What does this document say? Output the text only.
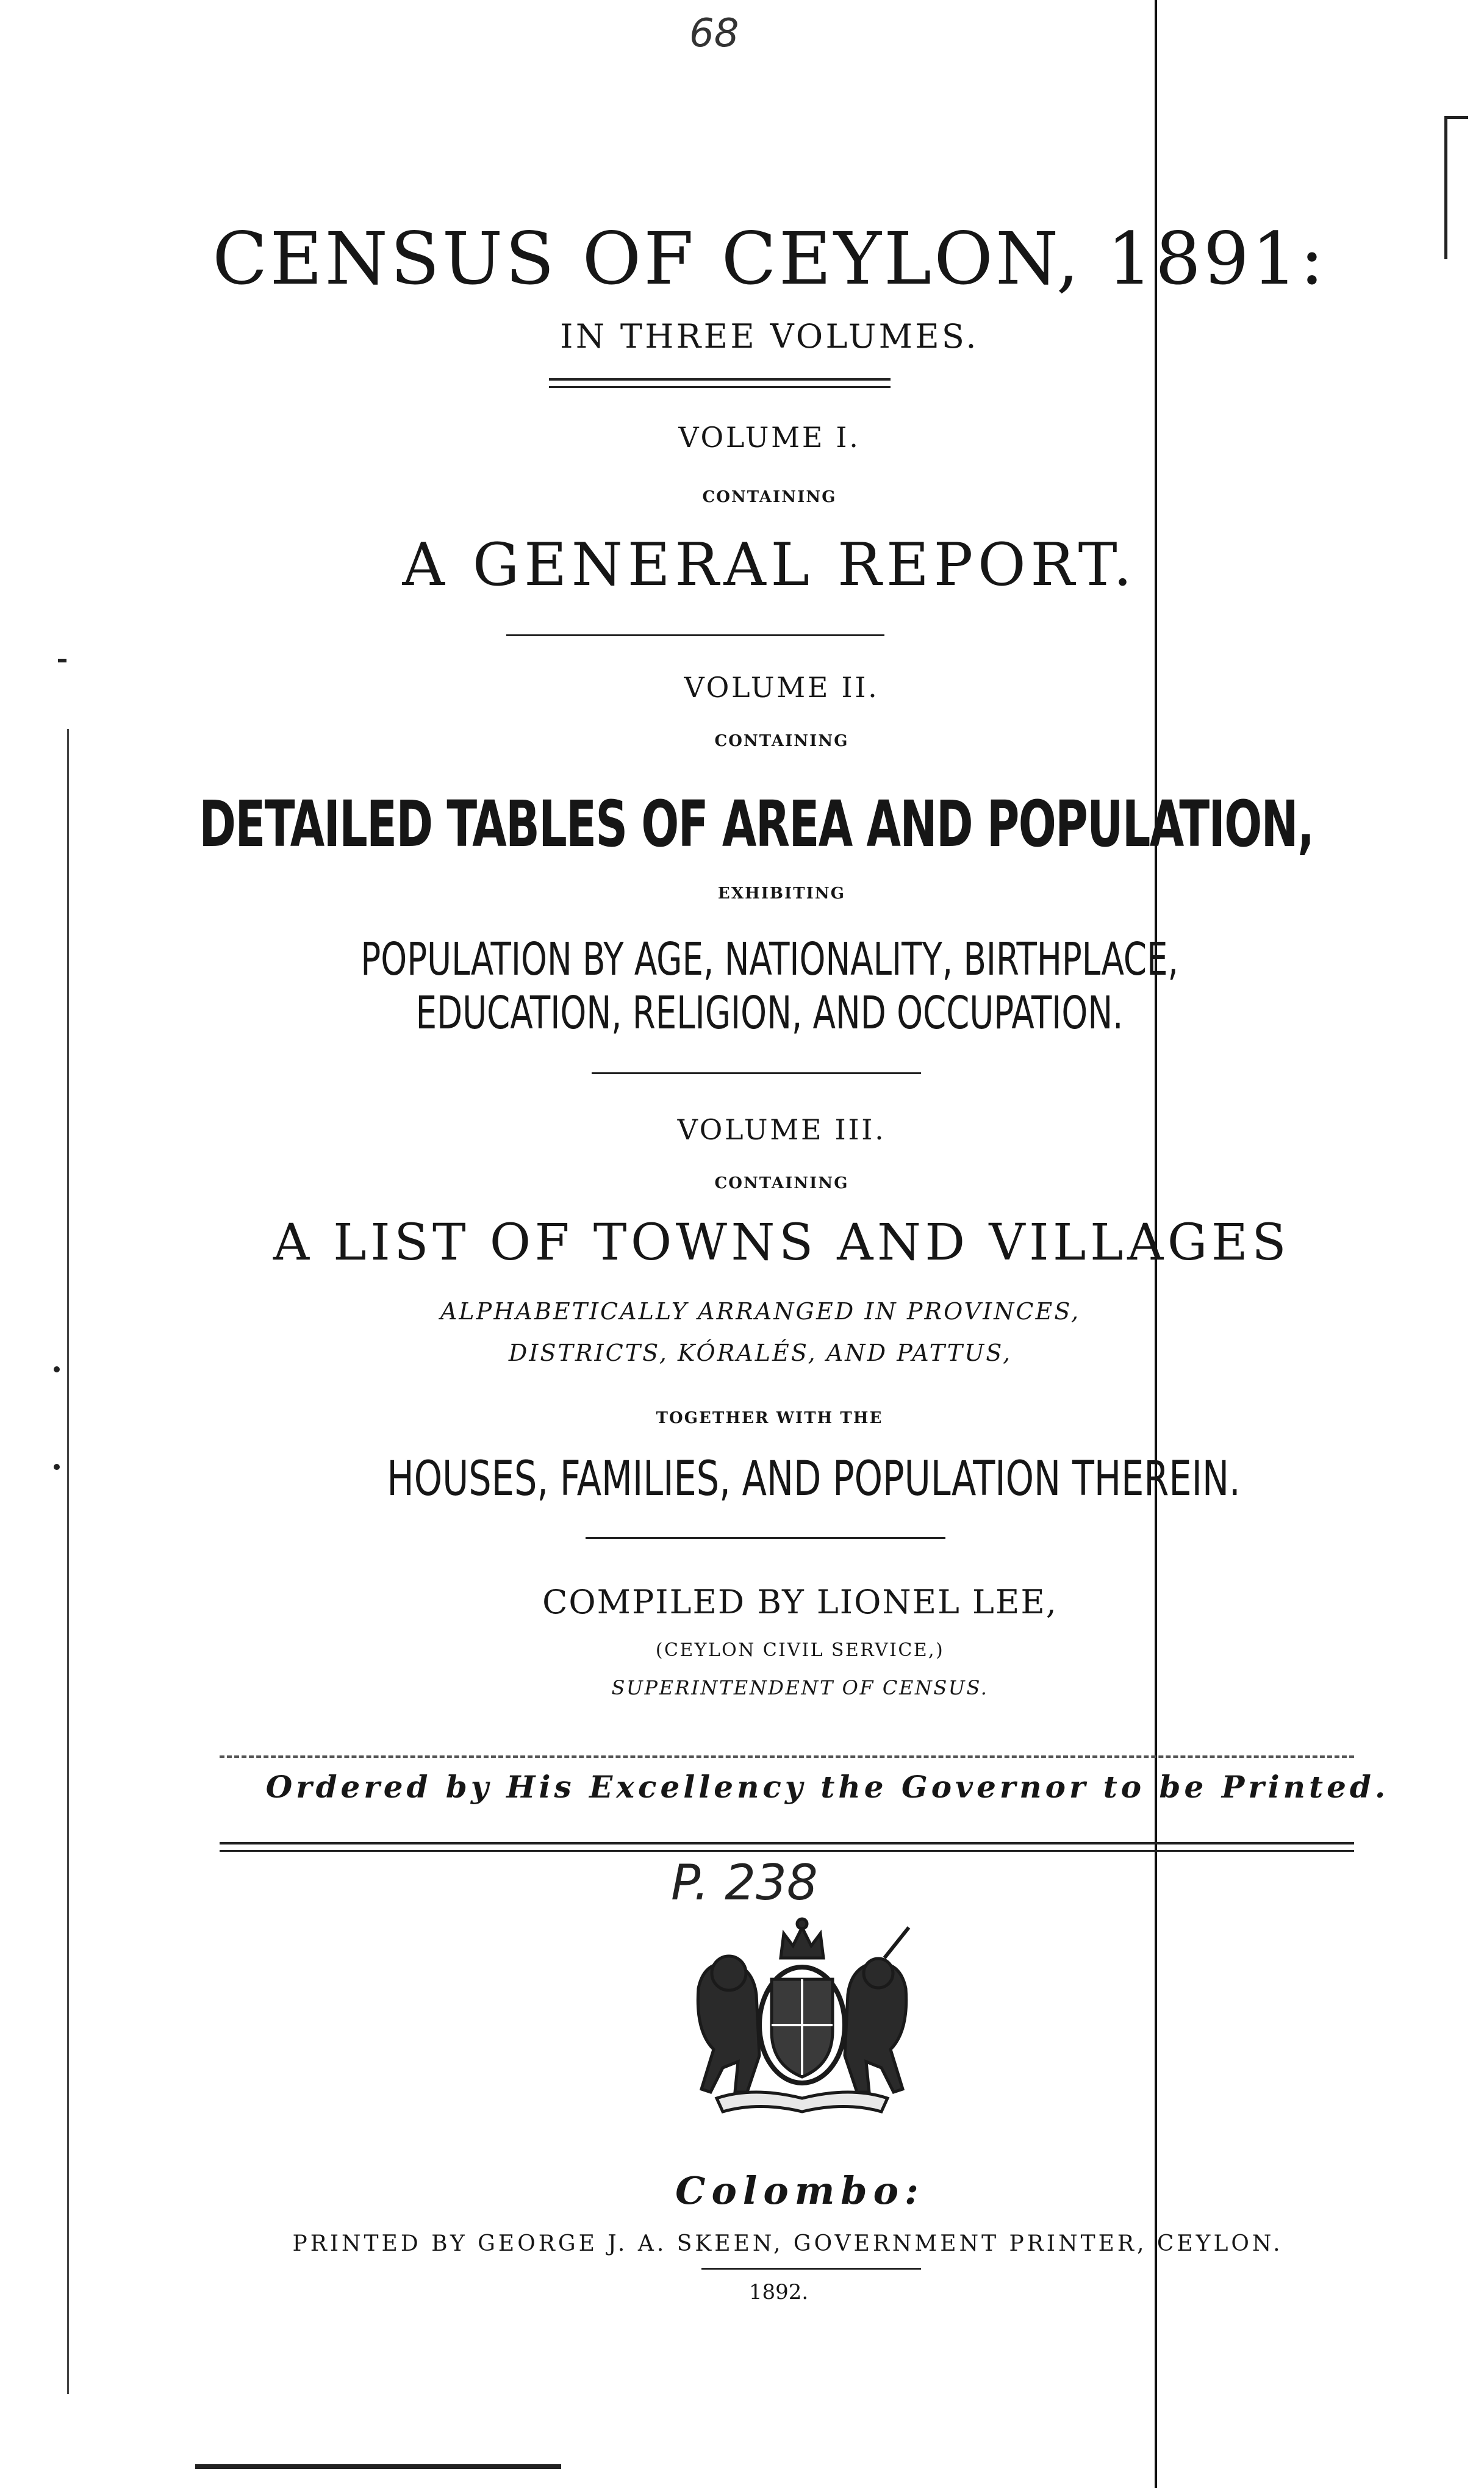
68
CENSUS OF CEYLON, 1891:
IN THREE VOLUMES.
VOLUME I.
CONTAINING
A GENERAL REPORT.
VOLUME II.
CONTAINING
DETAILED TABLES OF AREA AND POPULATION,
EXHIBITING
POPULATION BY AGE, NATIONALITY, BIRTHPLACE,
EDUCATION, RELIGION, AND OCCUPATION.
VOLUME III.
CONTAINING
A LIST OF TOWNS AND VILLAGES
ALPHABETICALLY ARRANGED IN PROVINCES,
DISTRICTS, KÓRALÉS, AND PATTUS,
TOGETHER WITH THE
HOUSES, FAMILIES, AND POPULATION THEREIN.
COMPILED BY LIONEL LEE,
(CEYLON CIVIL SERVICE,)
SUPERINTENDENT OF CENSUS.
Ordered by His Excellency the Governor to be Printed.
P. 238
Colombo:
PRINTED BY GEORGE J. A. SKEEN, GOVERNMENT PRINTER, CEYLON.
1892.
